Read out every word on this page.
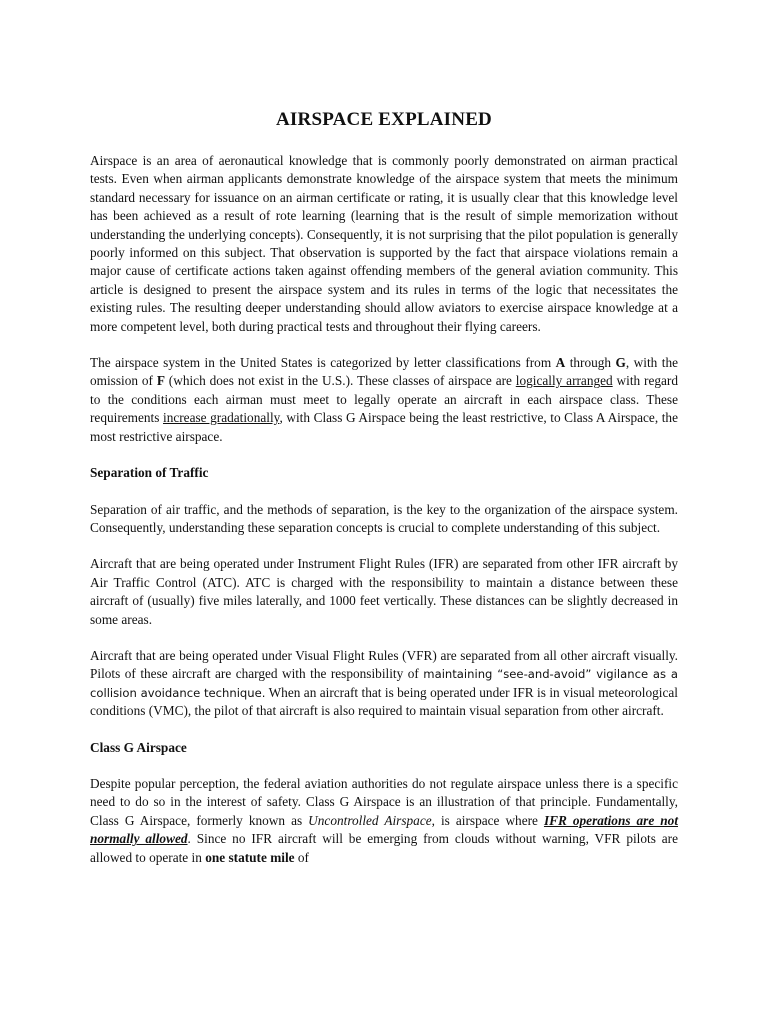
AIRSPACE EXPLAINED

Airspace is an area of aeronautical knowledge that is commonly poorly demonstrated on airman practical tests. Even when airman applicants demonstrate knowledge of the airspace system that meets the minimum standard necessary for issuance on an airman certificate or rating, it is usually clear that this knowledge level has been achieved as a result of rote learning (learning that is the result of simple memorization without understanding the underlying concepts). Consequently, it is not surprising that the pilot population is generally poorly informed on this subject. That observation is supported by the fact that airspace violations remain a major cause of certificate actions taken against offending members of the general aviation community. This article is designed to present the airspace system and its rules in terms of the logic that necessitates the existing rules. The resulting deeper understanding should allow aviators to exercise airspace knowledge at a more competent level, both during practical tests and throughout their flying careers.

The airspace system in the United States is categorized by letter classifications from A through G, with the omission of F (which does not exist in the U.S.). These classes of airspace are logically arranged with regard to the conditions each airman must meet to legally operate an aircraft in each airspace class. These requirements increase gradationally, with Class G Airspace being the least restrictive, to Class A Airspace, the most restrictive airspace.

Separation of Traffic

Separation of air traffic, and the methods of separation, is the key to the organization of the airspace system. Consequently, understanding these separation concepts is crucial to complete understanding of this subject.

Aircraft that are being operated under Instrument Flight Rules (IFR) are separated from other IFR aircraft by Air Traffic Control (ATC). ATC is charged with the responsibility to maintain a distance between these aircraft of (usually) five miles laterally, and 1000 feet vertically. These distances can be slightly decreased in some areas.

Aircraft that are being operated under Visual Flight Rules (VFR) are separated from all other aircraft visually. Pilots of these aircraft are charged with the responsibility of maintaining “see-and-avoid” vigilance as a collision avoidance technique. When an aircraft that is being operated under IFR is in visual meteorological conditions (VMC), the pilot of that aircraft is also required to maintain visual separation from other aircraft.

Class G Airspace

Despite popular perception, the federal aviation authorities do not regulate airspace unless there is a specific need to do so in the interest of safety. Class G Airspace is an illustration of that principle. Fundamentally, Class G Airspace, formerly known as Uncontrolled Airspace, is airspace where IFR operations are not normally allowed. Since no IFR aircraft will be emerging from clouds without warning, VFR pilots are allowed to operate in one statute mile of
